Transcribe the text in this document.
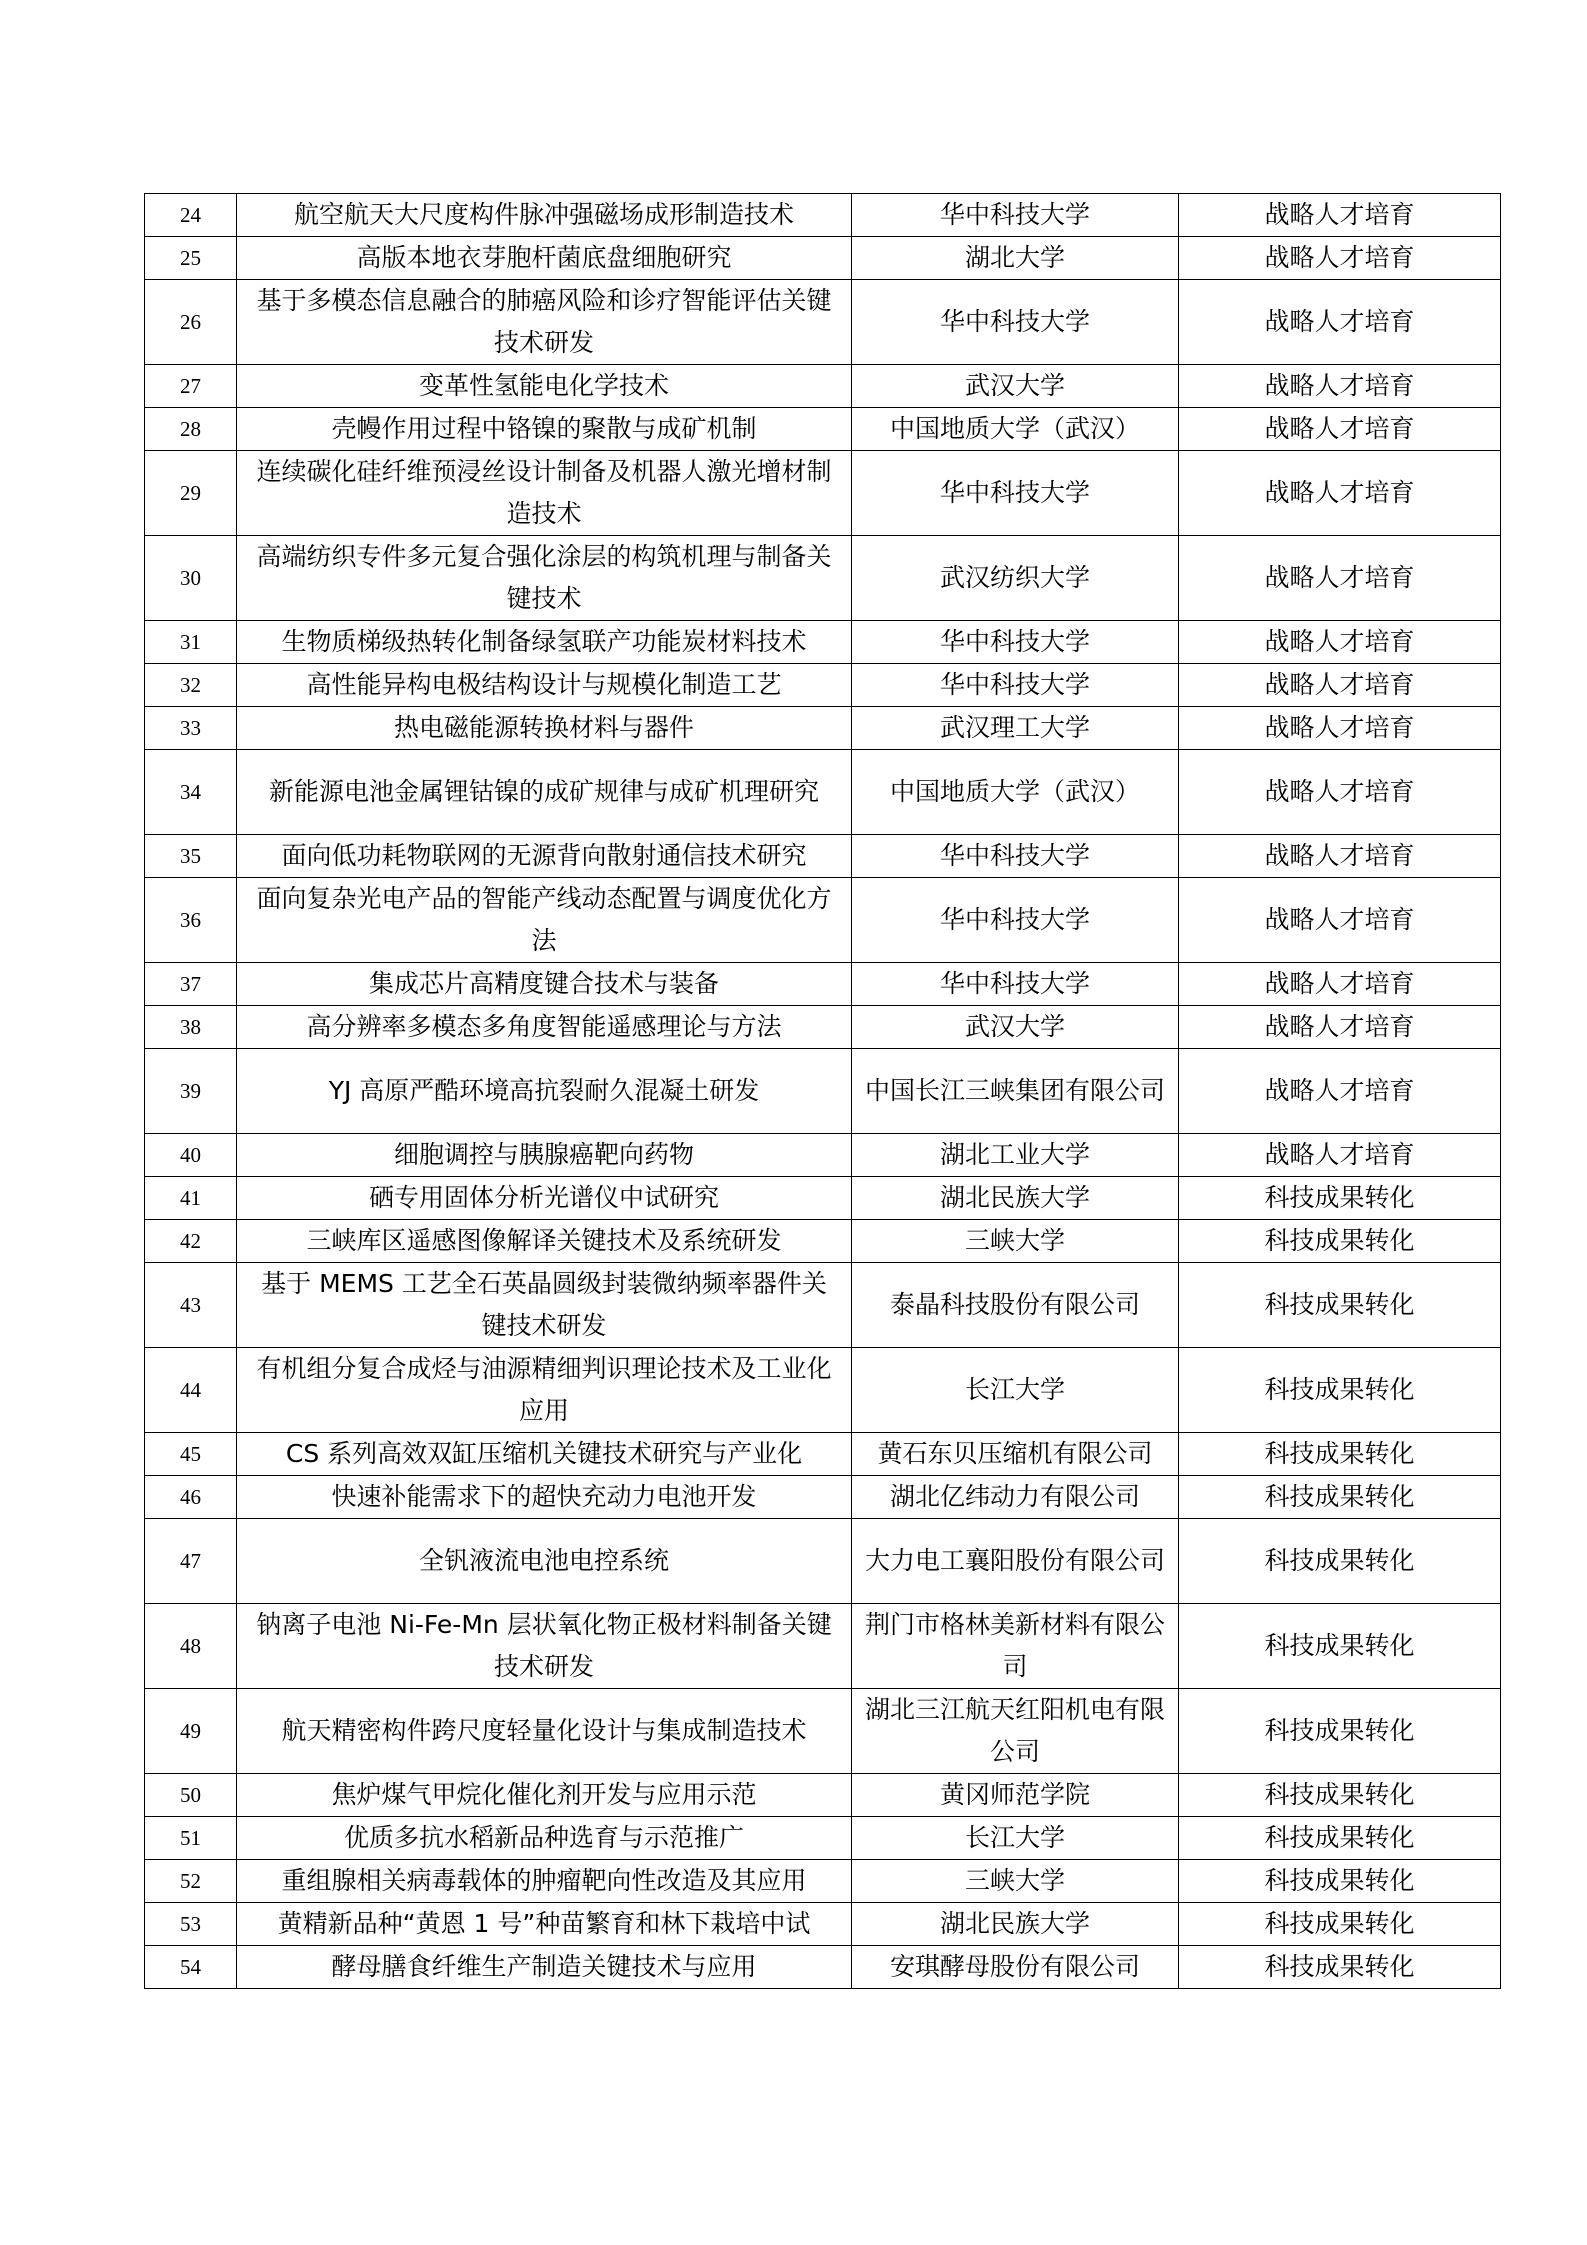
24	航空航天大尺度构件脉冲强磁场成形制造技术	华中科技大学	战略人才培育
25	高版本地衣芽胞杆菌底盘细胞研究	湖北大学	战略人才培育
26	基于多模态信息融合的肺癌风险和诊疗智能评估关键技术研发	华中科技大学	战略人才培育
27	变革性氢能电化学技术	武汉大学	战略人才培育
28	壳幔作用过程中铬镍的聚散与成矿机制	中国地质大学（武汉）	战略人才培育
29	连续碳化硅纤维预浸丝设计制备及机器人激光增材制造技术	华中科技大学	战略人才培育
30	高端纺织专件多元复合强化涂层的构筑机理与制备关键技术	武汉纺织大学	战略人才培育
31	生物质梯级热转化制备绿氢联产功能炭材料技术	华中科技大学	战略人才培育
32	高性能异构电极结构设计与规模化制造工艺	华中科技大学	战略人才培育
33	热电磁能源转换材料与器件	武汉理工大学	战略人才培育
34	新能源电池金属锂钴镍的成矿规律与成矿机理研究	中国地质大学（武汉）	战略人才培育
35	面向低功耗物联网的无源背向散射通信技术研究	华中科技大学	战略人才培育
36	面向复杂光电产品的智能产线动态配置与调度优化方法	华中科技大学	战略人才培育
37	集成芯片高精度键合技术与装备	华中科技大学	战略人才培育
38	高分辨率多模态多角度智能遥感理论与方法	武汉大学	战略人才培育
39	YJ 高原严酷环境高抗裂耐久混凝土研发	中国长江三峡集团有限公司	战略人才培育
40	细胞调控与胰腺癌靶向药物	湖北工业大学	战略人才培育
41	硒专用固体分析光谱仪中试研究	湖北民族大学	科技成果转化
42	三峡库区遥感图像解译关键技术及系统研发	三峡大学	科技成果转化
43	基于 MEMS 工艺全石英晶圆级封装微纳频率器件关键技术研发	泰晶科技股份有限公司	科技成果转化
44	有机组分复合成烃与油源精细判识理论技术及工业化应用	长江大学	科技成果转化
45	CS 系列高效双缸压缩机关键技术研究与产业化	黄石东贝压缩机有限公司	科技成果转化
46	快速补能需求下的超快充动力电池开发	湖北亿纬动力有限公司	科技成果转化
47	全钒液流电池电控系统	大力电工襄阳股份有限公司	科技成果转化
48	钠离子电池 Ni-Fe-Mn 层状氧化物正极材料制备关键技术研发	荆门市格林美新材料有限公司	科技成果转化
49	航天精密构件跨尺度轻量化设计与集成制造技术	湖北三江航天红阳机电有限公司	科技成果转化
50	焦炉煤气甲烷化催化剂开发与应用示范	黄冈师范学院	科技成果转化
51	优质多抗水稻新品种选育与示范推广	长江大学	科技成果转化
52	重组腺相关病毒载体的肿瘤靶向性改造及其应用	三峡大学	科技成果转化
53	黄精新品种“黄恩 1 号”种苗繁育和林下栽培中试	湖北民族大学	科技成果转化
54	酵母膳食纤维生产制造关键技术与应用	安琪酵母股份有限公司	科技成果转化
